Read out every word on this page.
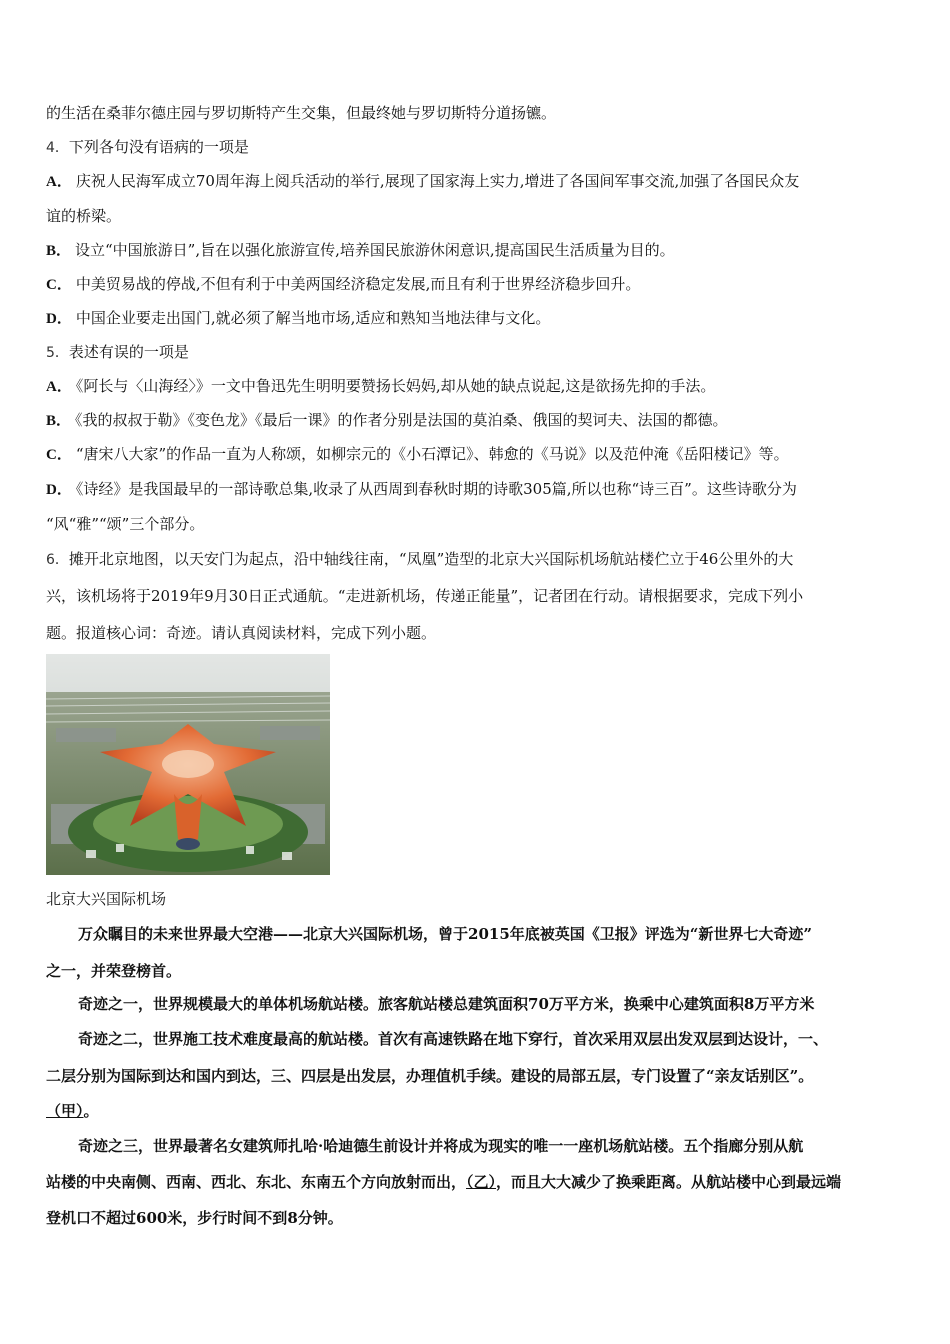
的生活在桑菲尔德庄园与罗切斯特产生交集，但最终她与罗切斯特分道扬镳。
4．下列各句没有语病的一项是
A． 庆祝人民海军成立70周年海上阅兵活动的举行,展现了国家海上实力,增进了各国间军事交流,加强了各国民众友
谊的桥梁。
B． 设立“中国旅游日”,旨在以强化旅游宣传,培养国民旅游休闲意识,提高国民生活质量为目的。
C． 中美贸易战的停战,不但有利于中美两国经济稳定发展,而且有利于世界经济稳步回升。
D． 中国企业要走出国门,就必须了解当地市场,适应和熟知当地法律与文化。
5．表述有误的一项是
A． 《阿长与〈山海经〉》一文中鲁迅先生明明要赞扬长妈妈,却从她的缺点说起,这是欲扬先抑的手法。
B． 《我的叔叔于勒》《变色龙》《最后一课》的作者分别是法国的莫泊桑、俄国的契诃夫、法国的都德。
C． “唐宋八大家”的作品一直为人称颂，如柳宗元的《小石潭记》、韩愈的《马说》以及范仲淹《岳阳楼记》等。
D． 《诗经》是我国最早的一部诗歌总集,收录了从西周到春秋时期的诗歌305篇,所以也称“诗三百”。这些诗歌分为
“风“雅”“颂”三个部分。
6．摊开北京地图，以天安门为起点，沿中轴线往南，“凤凰”造型的北京大兴国际机场航站楼伫立于46公里外的大
兴，该机场将于2019年9月30日正式通航。“走进新机场，传递正能量”，记者团在行动。请根据要求，完成下列小
题。报道核心词：奇迹。请认真阅读材料，完成下列小题。
北京大兴国际机场
万众瞩目的未来世界最大空港——北京大兴国际机场，曾于2015年底被英国《卫报》评选为“新世界七大奇迹”
之一，并荣登榜首。
奇迹之一，世界规模最大的单体机场航站楼。旅客航站楼总建筑面积70万平方米，换乘中心建筑面积8万平方米
奇迹之二，世界施工技术难度最高的航站楼。首次有高速铁路在地下穿行，首次采用双层出发双层到达设计，一、
二层分别为国际到达和国内到达，三、四层是出发层，办理值机手续。建设的局部五层，专门设置了“亲友话别区”。
（甲）。
奇迹之三，世界最著名女建筑师扎哈·哈迪德生前设计并将成为现实的唯一一座机场航站楼。五个指廊分别从航
站楼的中央南侧、西南、西北、东北、东南五个方向放射而出，（乙），而且大大减少了换乘距离。从航站楼中心到最远端
登机口不超过600米，步行时间不到8分钟。
